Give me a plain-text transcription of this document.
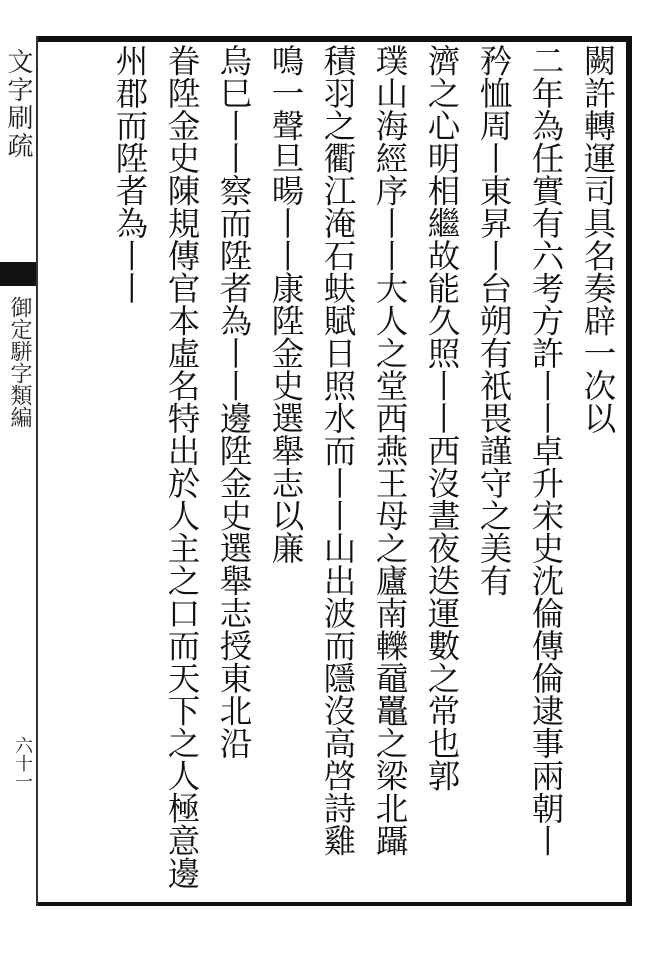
文字刷疏
御定駢字類編
六十一
闕許轉運司具名奏辟一次以
二年為任實有六考方許丨丨卓升宋史沈倫傳倫逮事兩朝丨
矜恤周丨東昇丨台朔有祇畏謹守之美有
濟之心明相繼故能久照丨丨西沒晝夜迭運數之常也郭
璞山海經序丨丨大人之堂西燕王母之廬南轢黿鼉之梁北躡
積羽之衢江淹石蚨賦日照水而丨丨山出波而隱沒高啓詩雞
鳴一聲旦暘丨丨康陞金史選舉志以廉
烏巳丨丨察而陞者為丨丨邊陞金史選舉志授東北沿
眷陞金史陳規傳官本虛名特出於人主之口而天下之人極意邊州郡而陞者為丨丨
